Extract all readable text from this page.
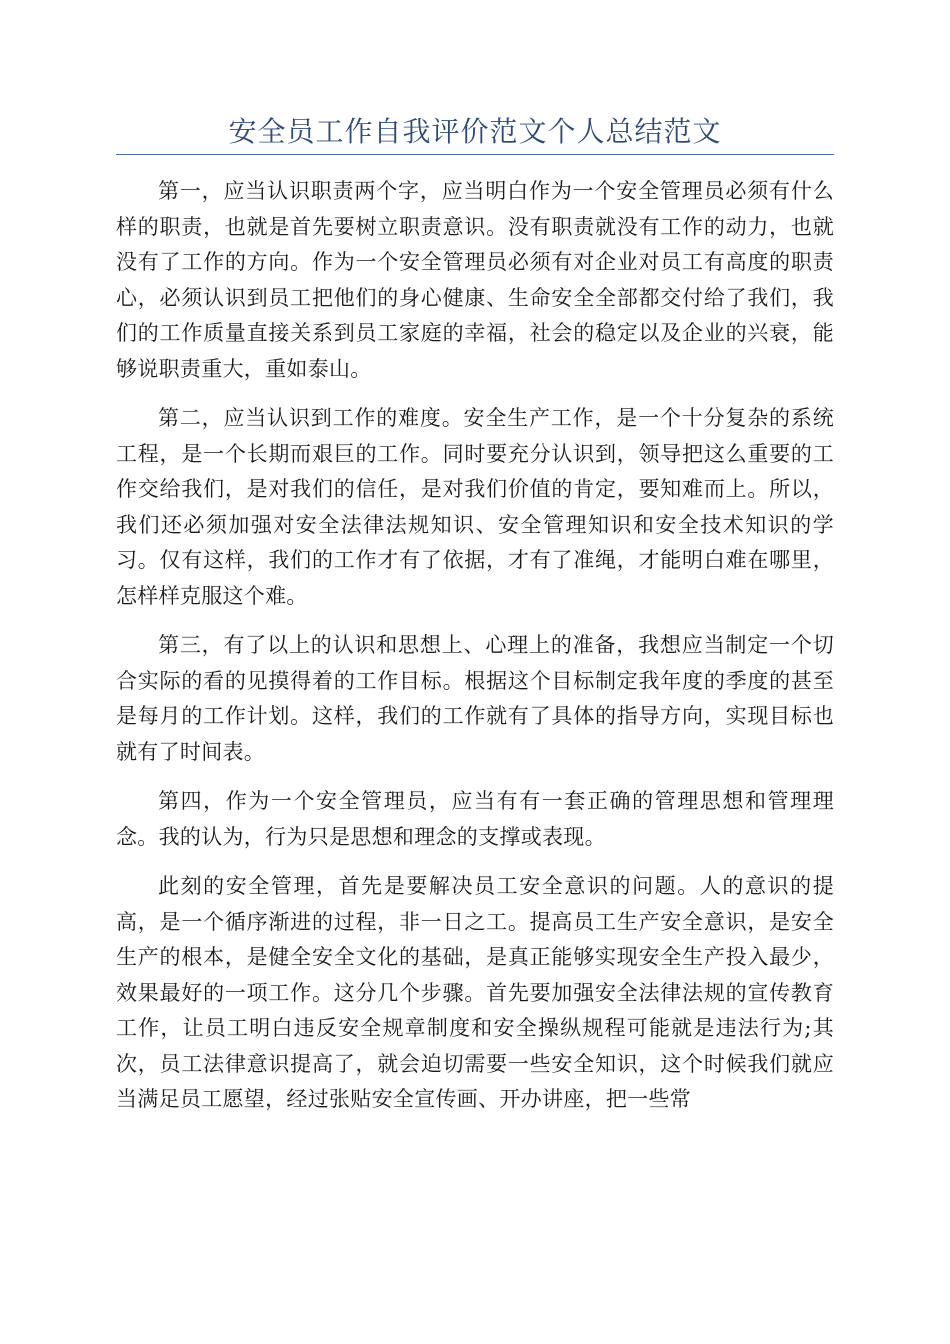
安全员工作自我评价范文个人总结范文

第一，应当认识职责两个字，应当明白作为一个安全管理员必须有什么样的职责，也就是首先要树立职责意识。没有职责就没有工作的动力，也就没有了工作的方向。作为一个安全管理员必须有对企业对员工有高度的职责心，必须认识到员工把他们的身心健康、生命安全全部都交付给了我们，我们的工作质量直接关系到员工家庭的幸福，社会的稳定以及企业的兴衰，能够说职责重大，重如泰山。

第二，应当认识到工作的难度。安全生产工作，是一个十分复杂的系统工程，是一个长期而艰巨的工作。同时要充分认识到，领导把这么重要的工作交给我们，是对我们的信任，是对我们价值的肯定，要知难而上。所以，我们还必须加强对安全法律法规知识、安全管理知识和安全技术知识的学习。仅有这样，我们的工作才有了依据，才有了准绳，才能明白难在哪里，怎样样克服这个难。

第三，有了以上的认识和思想上、心理上的准备，我想应当制定一个切合实际的看的见摸得着的工作目标。根据这个目标制定我年度的季度的甚至是每月的工作计划。这样，我们的工作就有了具体的指导方向，实现目标也就有了时间表。

第四，作为一个安全管理员，应当有有一套正确的管理思想和管理理念。我的认为，行为只是思想和理念的支撑或表现。

此刻的安全管理，首先是要解决员工安全意识的问题。人的意识的提高，是一个循序渐进的过程，非一日之工。提高员工生产安全意识，是安全生产的根本，是健全安全文化的基础，是真正能够实现安全生产投入最少，效果最好的一项工作。这分几个步骤。首先要加强安全法律法规的宣传教育工作，让员工明白违反安全规章制度和安全操纵规程可能就是违法行为;其次，员工法律意识提高了，就会迫切需要一些安全知识，这个时候我们就应当满足员工愿望，经过张贴安全宣传画、开办讲座，把一些常
